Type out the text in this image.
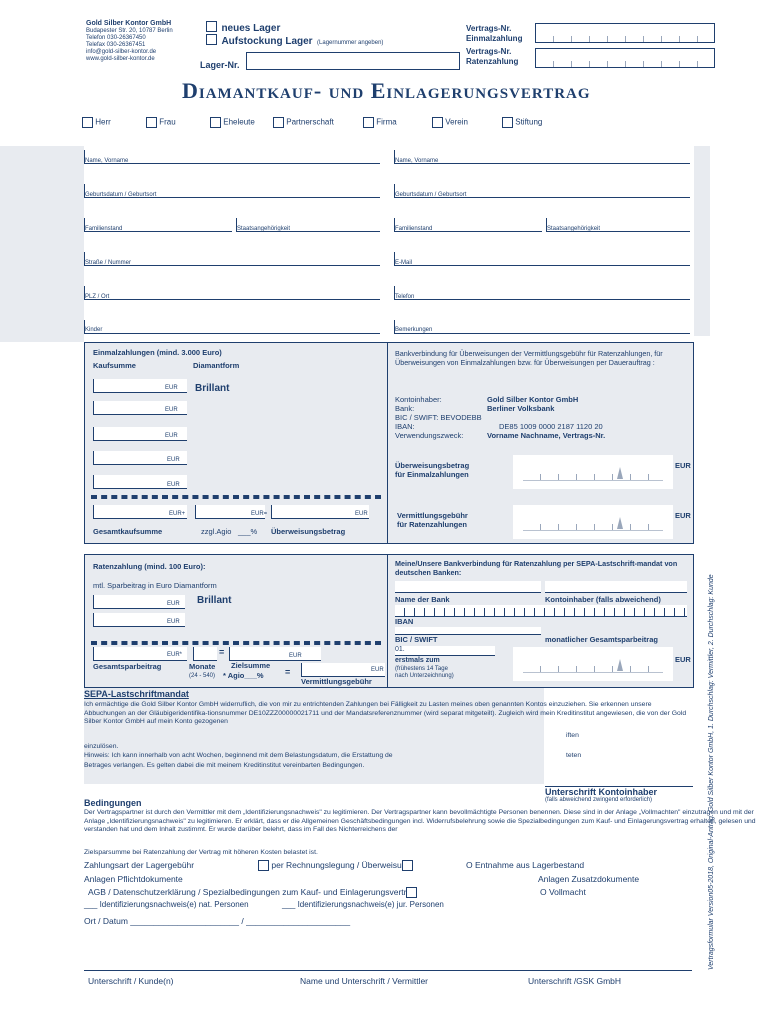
Gold Silber Kontor GmbH
Budapester Str. 20, 10787 Berlin
Telefon 030-26367450
Telefax 030-26367451
info@gold-silber-kontor.de
www.gold-silber-kontor.de
neues Lager
Aufstockung Lager (Lagernummer angeben)
Lager-Nr.
Vertrags-Nr.
Einmalzahlung
Vertrags-Nr.
Ratenzahlung
Diamantkauf- und Einlagerungsvertrag
Herr	Frau	Eheleute	Partnerschaft	Firma	Verein	Stiftung
Name, Vorname
Geburtsdatum / Geburtsort
Familienstand	Staatsangehörigkeit
Straße / Nummer
PLZ / Ort
Kinder
Name, Vorname
Geburtsdatum / Geburtsort
Familienstand	Staatsangehörigkeit
E-Mail
Telefon
Bemerkungen
Einmalzahlungen (mind. 3.000 Euro)
Kaufsumme	Diamantform
EUR Brillant
EUR
EUR
EUR
EUR
EUR+	EUR=	EUR
Gesamtkaufsumme	zzgl.Agio ___% Überweisungsbetrag
Bankverbindung für Überweisungen der Vermittlungsgebühr für Ratenzahlungen, für Überweisungen von Einmalzahlungen bzw. für Überweisungen per Dauerauftrag :
Kontoinhaber:	Gold Silber Kontor GmbH
Bank:	Berliner Volksbank
BIC / SWIFT: BEVODEBB
IBAN:	DE85 1009 0000 2187 1120 20
Verwendungszweck:	Vorname Nachname, Vertrags-Nr.
Überweisungsbetrag
für Einmalzahlungen
EUR
Vermittlungsgebühr
für Ratenzahlungen
EUR
Ratenzahlung (mind. 100 Euro):
mtl. Sparbeitrag in Euro Diamantform
EUR Brillant
EUR
EUR*	=	EUR
Gesamtsparbeitrag	Monate
(24 - 540)
Zielsumme
* Agio___% =	EUR
Vermittlungsgebühr
Meine/Unsere Bankverbindung für Ratenzahlung per SEPA-Lastschrift-mandat von deutschen Banken:
Name der Bank	Kontoinhaber (falls abweichend)
IBAN
BIC / SWIFT	monatlicher Gesamtsparbeitrag
01.
erstmals zum
(frühestens 14 Tage
nach Unterzeichnung)
EUR
SEPA-Lastschriftmandat
Ich ermächtige die Gold Silber Kontor GmbH widerruflich, die von mir zu entrichtenden Zahlungen bei Fälligkeit zu Lasten meines oben genannten Kontos einzuziehen. Sie erkennen unsere Abbuchungen an der Gläubigeridentifika-tionsnummer DE10ZZZ00000021711 und der Mandatsreferenznummer (wird separat mitgeteilt). Zugleich wird mein Kreditinstitut angewiesen, die von der Gold Silber Kontor GmbH auf mein Konto gezogenen
iften
einzulösen.
Hinweis: Ich kann innerhalb von acht Wochen, beginnend mit dem Belastungsdatum, die Erstattung de	teten
Betrages verlangen. Es gelten dabei die mit meinem Kreditinstitut vereinbarten Bedingungen.
Unterschrift Kontoinhaber
(falls abweichend zwingend erforderlich)
Bedingungen
Der Vertragspartner ist durch den Vermittler mit dem „Identifizierungsnachweis" zu legitimieren. Der Vertragspartner kann bevollmächtigte Personen benennen. Diese sind in der Anlage „Vollmachten" einzutragen und mit der Anlage „Identifizierungsnachweis" zu legitimieren. Er erklärt, dass er die Allgemeinen Geschäftsbedingungen incl. Widerrufsbelehrung sowie die Spezialbedingungen zum Kauf- und Einlagerungsvertrag erhalten, gelesen und verstanden hat und dem Inhalt zustimmt. Er wurde darüber belehrt, dass im Fall des Nichterreichens der
Zielsparsumme bei Ratenzahlung der Vertrag mit höheren Kosten belastet ist.
Zahlungsart der Lagergebühr	per Rechnungslegung / Überweisu	O Entnahme aus Lagerbestand
Anlagen Pflichtdokumente	Anlagen Zusatzdokumente
AGB / Datenschutzerklärung / Spezialbedingungen zum Kauf- und Einlagerungsvertr	O Vollmacht
___ Identifizierungsnachweis(e) nat. Personen	___ Identifizierungsnachweis(e) jur. Personen
Ort / Datum _______________________ / ______________________
Unterschrift / Kunde(n)	Name und Unterschrift / Vermittler	Unterschrift /GSK GmbH
Vertragsformular Version05-2018, Original-Antrag: Gold Silber Kontor GmbH, 1. Durchschlag: Vermittler, 2. Durchschlag: Kunde
